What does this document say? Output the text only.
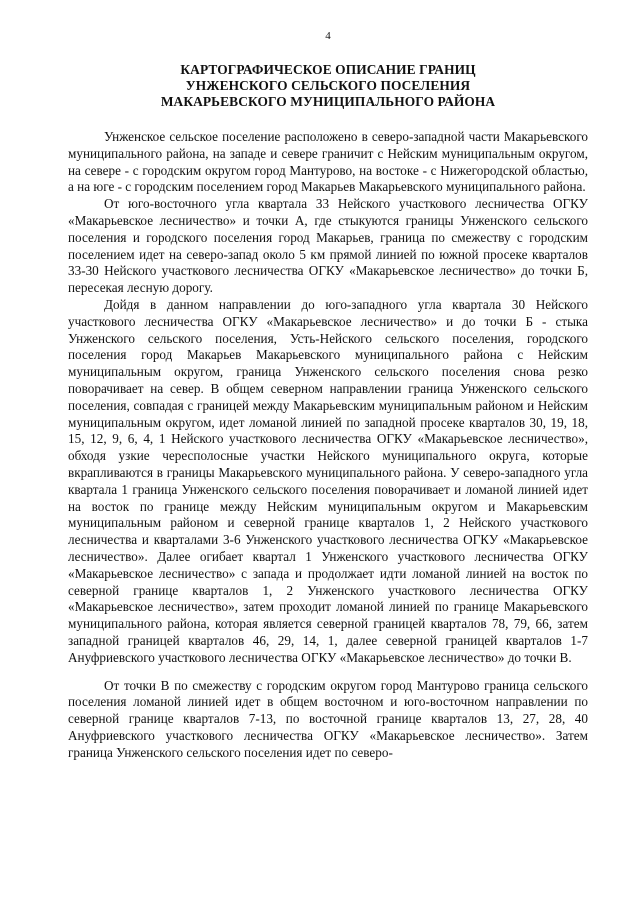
4
КАРТОГРАФИЧЕСКОЕ ОПИСАНИЕ ГРАНИЦ
УНЖЕНСКОГО СЕЛЬСКОГО ПОСЕЛЕНИЯ
МАКАРЬЕВСКОГО МУНИЦИПАЛЬНОГО РАЙОНА

Унженское сельское поселение расположено в северо-западной части Макарьевского муниципального района, на западе и севере граничит с Нейским муниципальным округом, на севере - с городским округом город Мантурово, на востоке - с Нижегородской областью, а на юге - с городским поселением город Макарьев Макарьевского муниципального района.

От юго-восточного угла квартала 33 Нейского участкового лесничества ОГКУ «Макарьевское лесничество» и точки А, где стыкуются границы Унженского сельского поселения и городского поселения город Макарьев, граница по смежеству с городским поселением идет на северо-запад около 5 км прямой линией по южной просеке кварталов 33-30 Нейского участкового лесничества ОГКУ «Макарьевское лесничество» до точки Б, пересекая лесную дорогу.

Дойдя в данном направлении до юго-западного угла квартала 30 Нейского участкового лесничества ОГКУ «Макарьевское лесничество» и до точки Б - стыка Унженского сельского поселения, Усть-Нейского сельского поселения, городского поселения город Макарьев Макарьевского муниципального района с Нейским муниципальным округом, граница Унженского сельского поселения снова резко поворачивает на север. В общем северном направлении граница Унженского сельского поселения, совпадая с границей между Макарьевским муниципальным районом и Нейским муниципальным округом, идет ломаной линией по западной просеке кварталов 30, 19, 18, 15, 12, 9, 6, 4, 1 Нейского участкового лесничества ОГКУ «Макарьевское лесничество», обходя узкие чересполосные участки Нейского муниципального округа, которые вкрапливаются в границы Макарьевского муниципального района. У северо-западного угла квартала 1 граница Унженского сельского поселения поворачивает и ломаной линией идет на восток по границе между Нейским муниципальным округом и Макарьевским муниципальным районом и северной границе кварталов 1, 2 Нейского участкового лесничества и кварталами 3-6 Унженского участкового лесничества ОГКУ «Макарьевское лесничество». Далее огибает квартал 1 Унженского участкового лесничества ОГКУ «Макарьевское лесничество» с запада и продолжает идти ломаной линией на восток по северной границе кварталов 1, 2 Унженского участкового лесничества ОГКУ «Макарьевское лесничество», затем проходит ломаной линией по границе Макарьевского муниципального района, которая является северной границей кварталов 78, 79, 66, затем западной границей кварталов 46, 29, 14, 1, далее северной границей кварталов 1-7 Ануфриевского участкового лесничества ОГКУ «Макарьевское лесничество» до точки В.

От точки В по смежеству с городским округом город Мантурово граница сельского поселения ломаной линией идет в общем восточном и юго-восточном направлении по северной границе кварталов 7-13, по восточной границе кварталов 13, 27, 28, 40 Ануфриевского участкового лесничества ОГКУ «Макарьевское лесничество». Затем граница Унженского сельского поселения идет по северо-
